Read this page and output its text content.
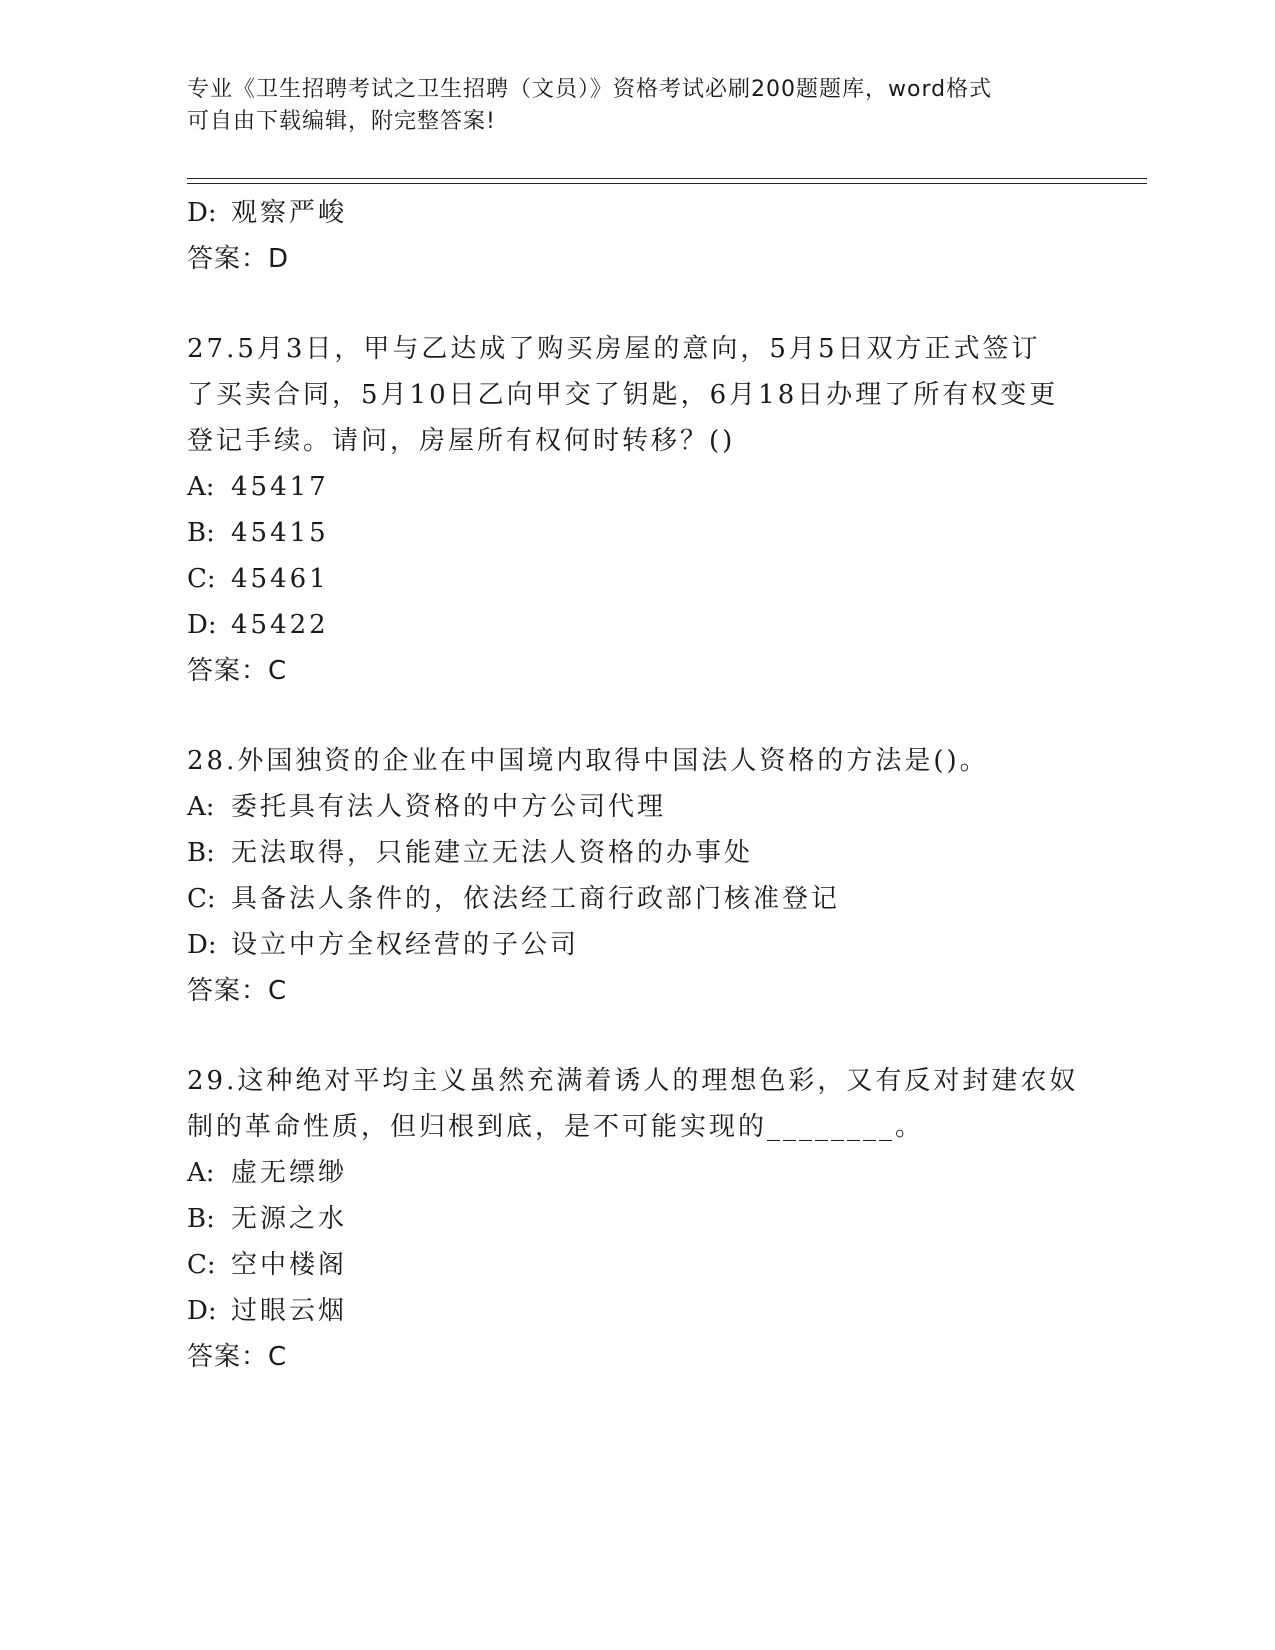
专业《卫生招聘考试之卫生招聘（文员）》资格考试必刷200题题库，word格式
可自由下载编辑，附完整答案!
D: 观察严峻
答案：D
27.5月3日，甲与乙达成了购买房屋的意向，5月5日双方正式签订
了买卖合同，5月10日乙向甲交了钥匙，6月18日办理了所有权变更
登记手续。请问，房屋所有权何时转移？()
A: 45417
B: 45415
C: 45461
D: 45422
答案：C
28.外国独资的企业在中国境内取得中国法人资格的方法是()。
A: 委托具有法人资格的中方公司代理
B: 无法取得，只能建立无法人资格的办事处
C: 具备法人条件的，依法经工商行政部门核准登记
D: 设立中方全权经营的子公司
答案：C
29.这种绝对平均主义虽然充满着诱人的理想色彩，又有反对封建农奴
制的革命性质，但归根到底，是不可能实现的________。
A: 虚无缥缈
B: 无源之水
C: 空中楼阁
D: 过眼云烟
答案：C
